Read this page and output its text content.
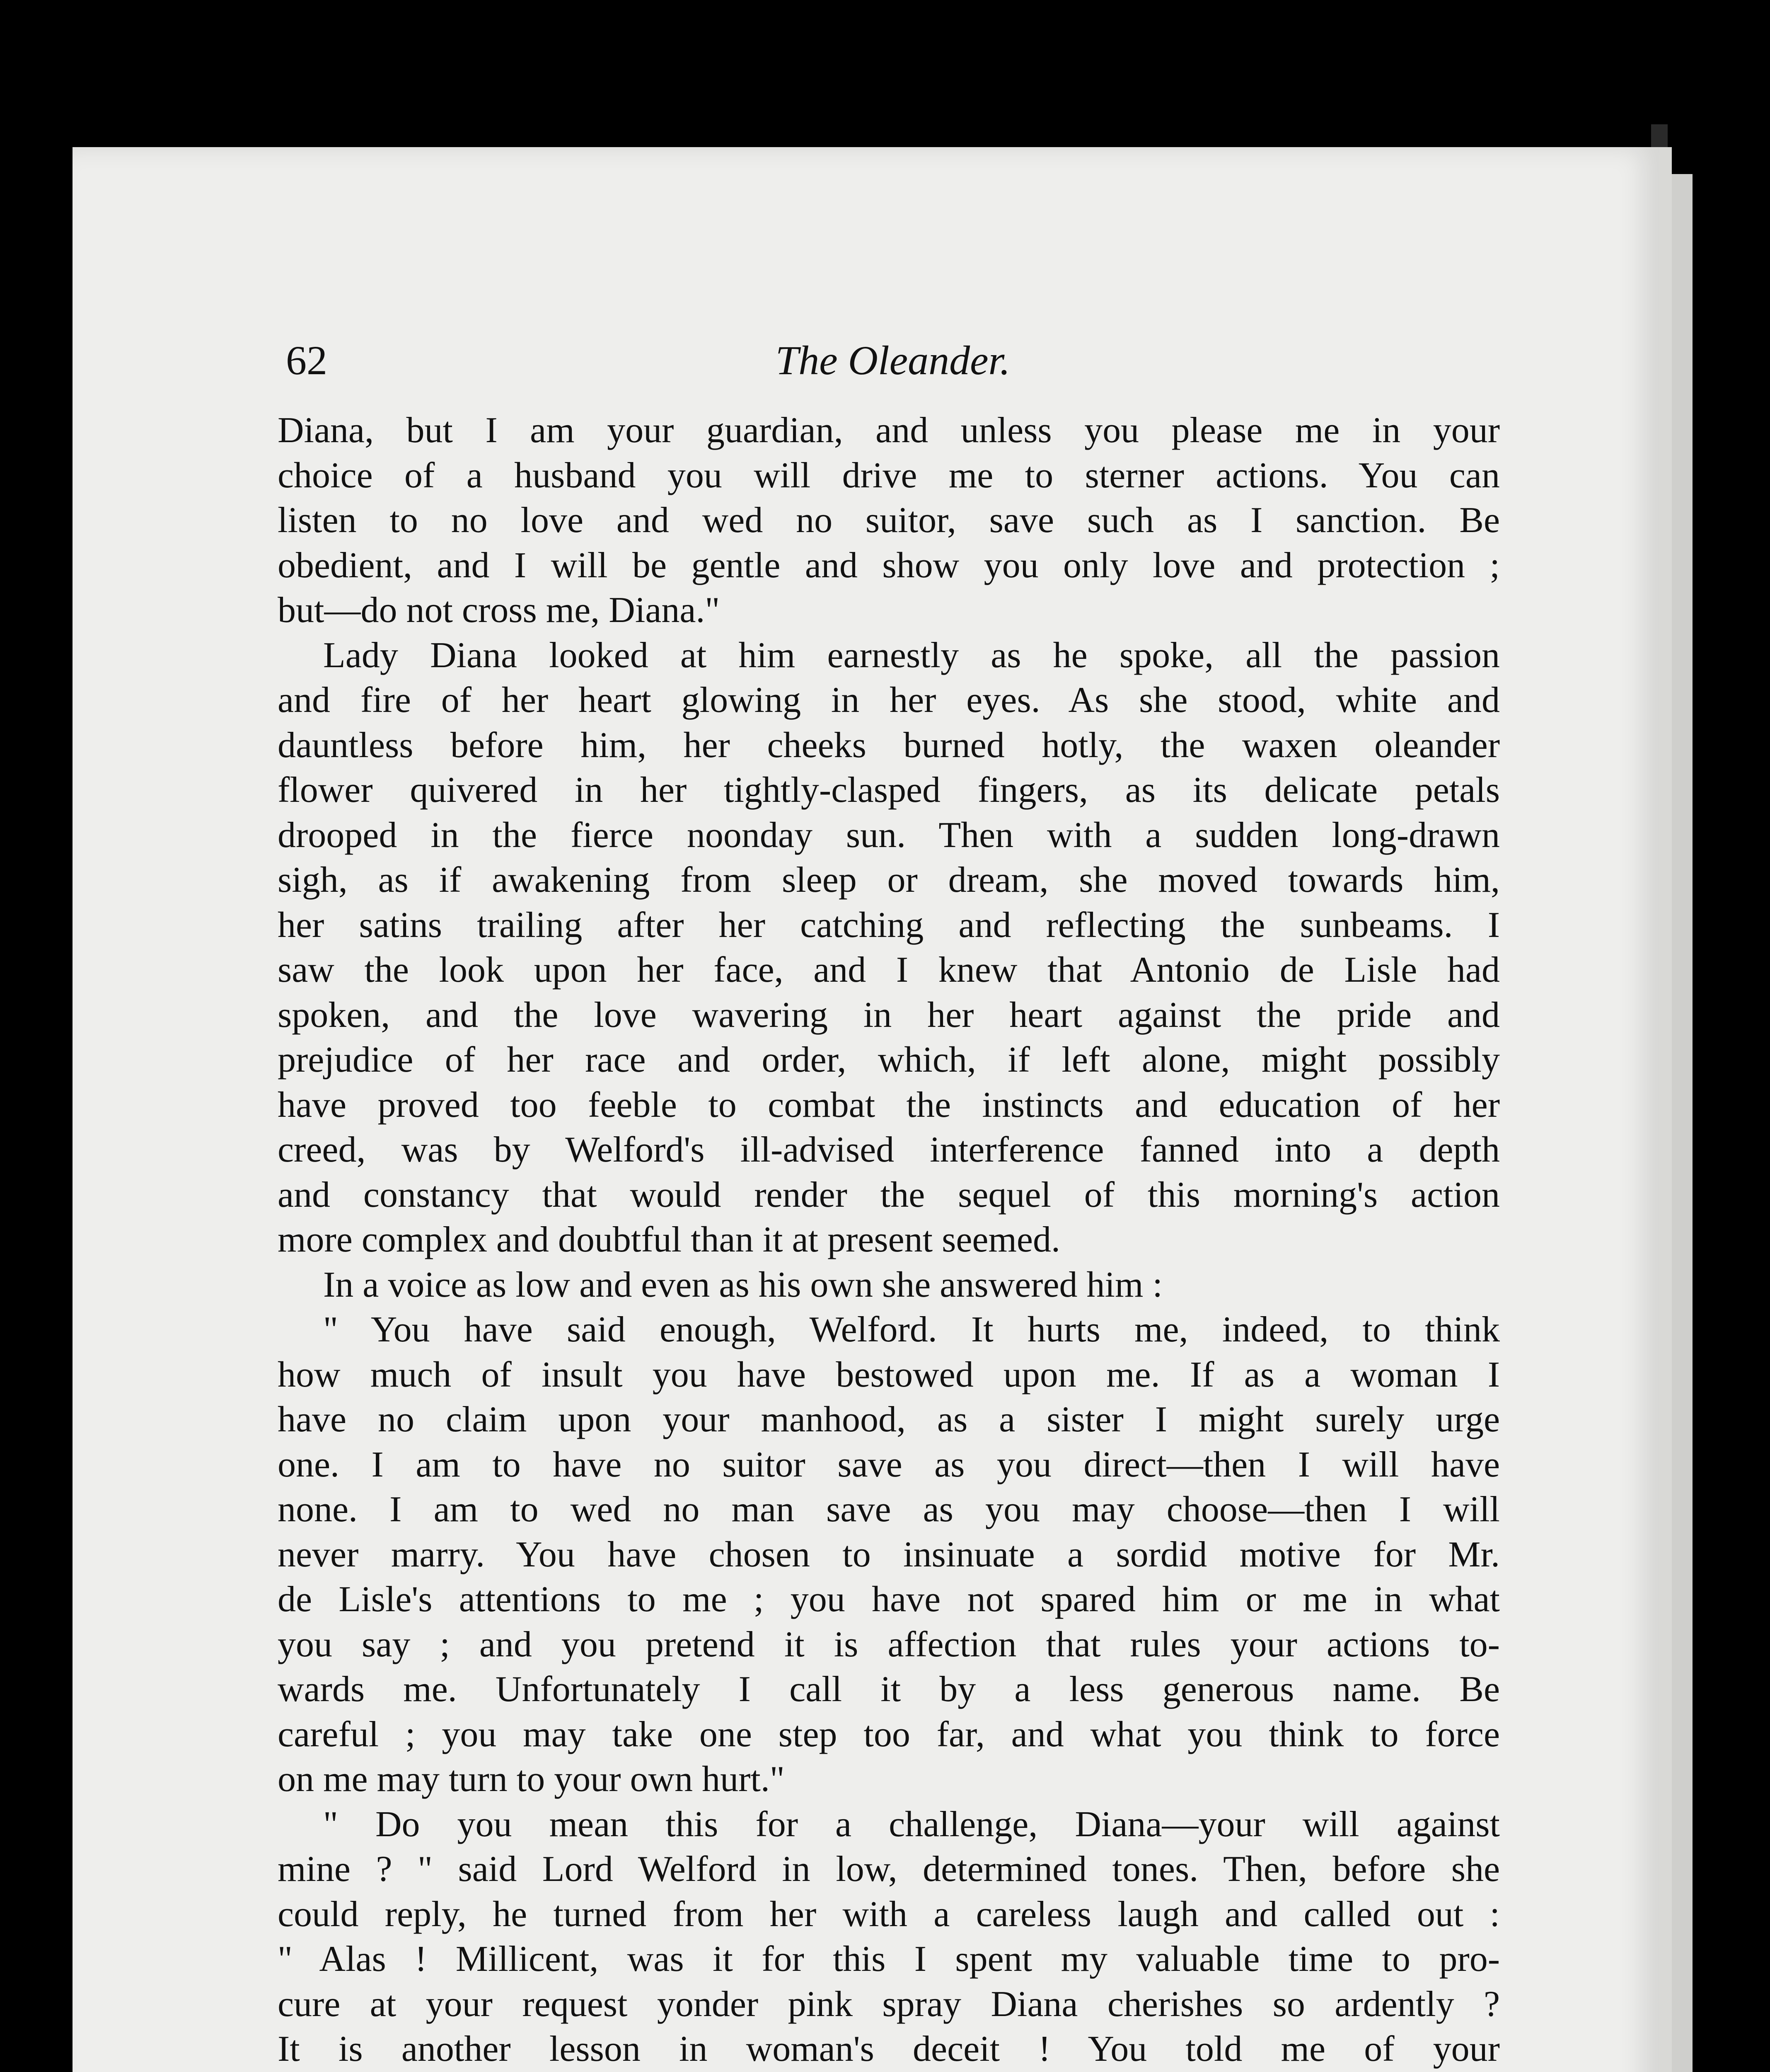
62	The Oleander.
Diana, but I am your guardian, and unless you please me in your
choice of a husband you will drive me to sterner actions. You can
listen to no love and wed no suitor, save such as I sanction. Be
obedient, and I will be gentle and show you only love and protection ;
but—do not cross me, Diana."
Lady Diana looked at him earnestly as he spoke, all the passion
and fire of her heart glowing in her eyes. As she stood, white and
dauntless before him, her cheeks burned hotly, the waxen oleander
flower quivered in her tightly-clasped fingers, as its delicate petals
drooped in the fierce noonday sun. Then with a sudden long-drawn
sigh, as if awakening from sleep or dream, she moved towards him,
her satins trailing after her catching and reflecting the sunbeams. I
saw the look upon her face, and I knew that Antonio de Lisle had
spoken, and the love wavering in her heart against the pride and
prejudice of her race and order, which, if left alone, might possibly
have proved too feeble to combat the instincts and education of her
creed, was by Welford's ill-advised interference fanned into a depth
and constancy that would render the sequel of this morning's action
more complex and doubtful than it at present seemed.
In a voice as low and even as his own she answered him :
" You have said enough, Welford. It hurts me, indeed, to think
how much of insult you have bestowed upon me. If as a woman I
have no claim upon your manhood, as a sister I might surely urge
one. I am to have no suitor save as you direct—then I will have
none. I am to wed no man save as you may choose—then I will
never marry. You have chosen to insinuate a sordid motive for Mr.
de Lisle's attentions to me ; you have not spared him or me in what
you say ; and you pretend it is affection that rules your actions to-
wards me. Unfortunately I call it by a less generous name. Be
careful ; you may take one step too far, and what you think to force
on me may turn to your own hurt."
" Do you mean this for a challenge, Diana—your will against
mine ? " said Lord Welford in low, determined tones. Then, before she
could reply, he turned from her with a careless laugh and called out :
" Alas ! Millicent, was it for this I spent my valuable time to pro-
cure at your request yonder pink spray Diana cherishes so ardently ?
It is another lesson in woman's deceit ! You told me of your
